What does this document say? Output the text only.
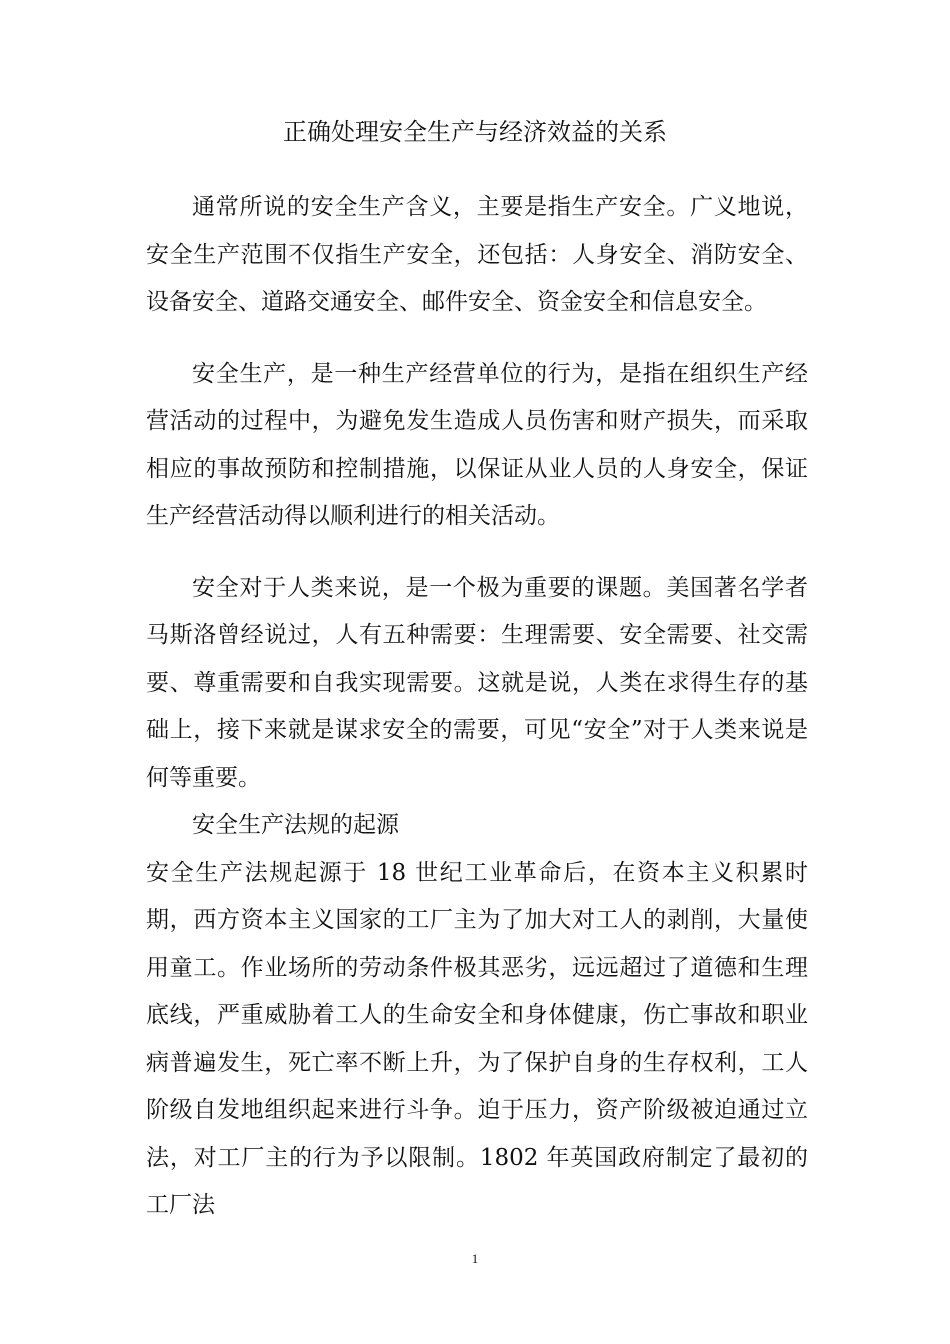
正确处理安全生产与经济效益的关系

通常所说的安全生产含义，主要是指生产安全。广义地说，安全生产范围不仅指生产安全，还包括：人身安全、消防安全、设备安全、道路交通安全、邮件安全、资金安全和信息安全。

安全生产，是一种生产经营单位的行为，是指在组织生产经营活动的过程中，为避免发生造成人员伤害和财产损失，而采取相应的事故预防和控制措施，以保证从业人员的人身安全，保证生产经营活动得以顺利进行的相关活动。

安全对于人类来说，是一个极为重要的课题。美国著名学者马斯洛曾经说过，人有五种需要：生理需要、安全需要、社交需要、尊重需要和自我实现需要。这就是说，人类在求得生存的基础上，接下来就是谋求安全的需要，可见“安全”对于人类来说是何等重要。

安全生产法规的起源

安全生产法规起源于 18 世纪工业革命后，在资本主义积累时期，西方资本主义国家的工厂主为了加大对工人的剥削，大量使用童工。作业场所的劳动条件极其恶劣，远远超过了道德和生理底线，严重威胁着工人的生命安全和身体健康，伤亡事故和职业病普遍发生，死亡率不断上升，为了保护自身的生存权利，工人阶级自发地组织起来进行斗争。迫于压力，资产阶级被迫通过立法，对工厂主的行为予以限制。1802 年英国政府制定了最初的工厂法

1
